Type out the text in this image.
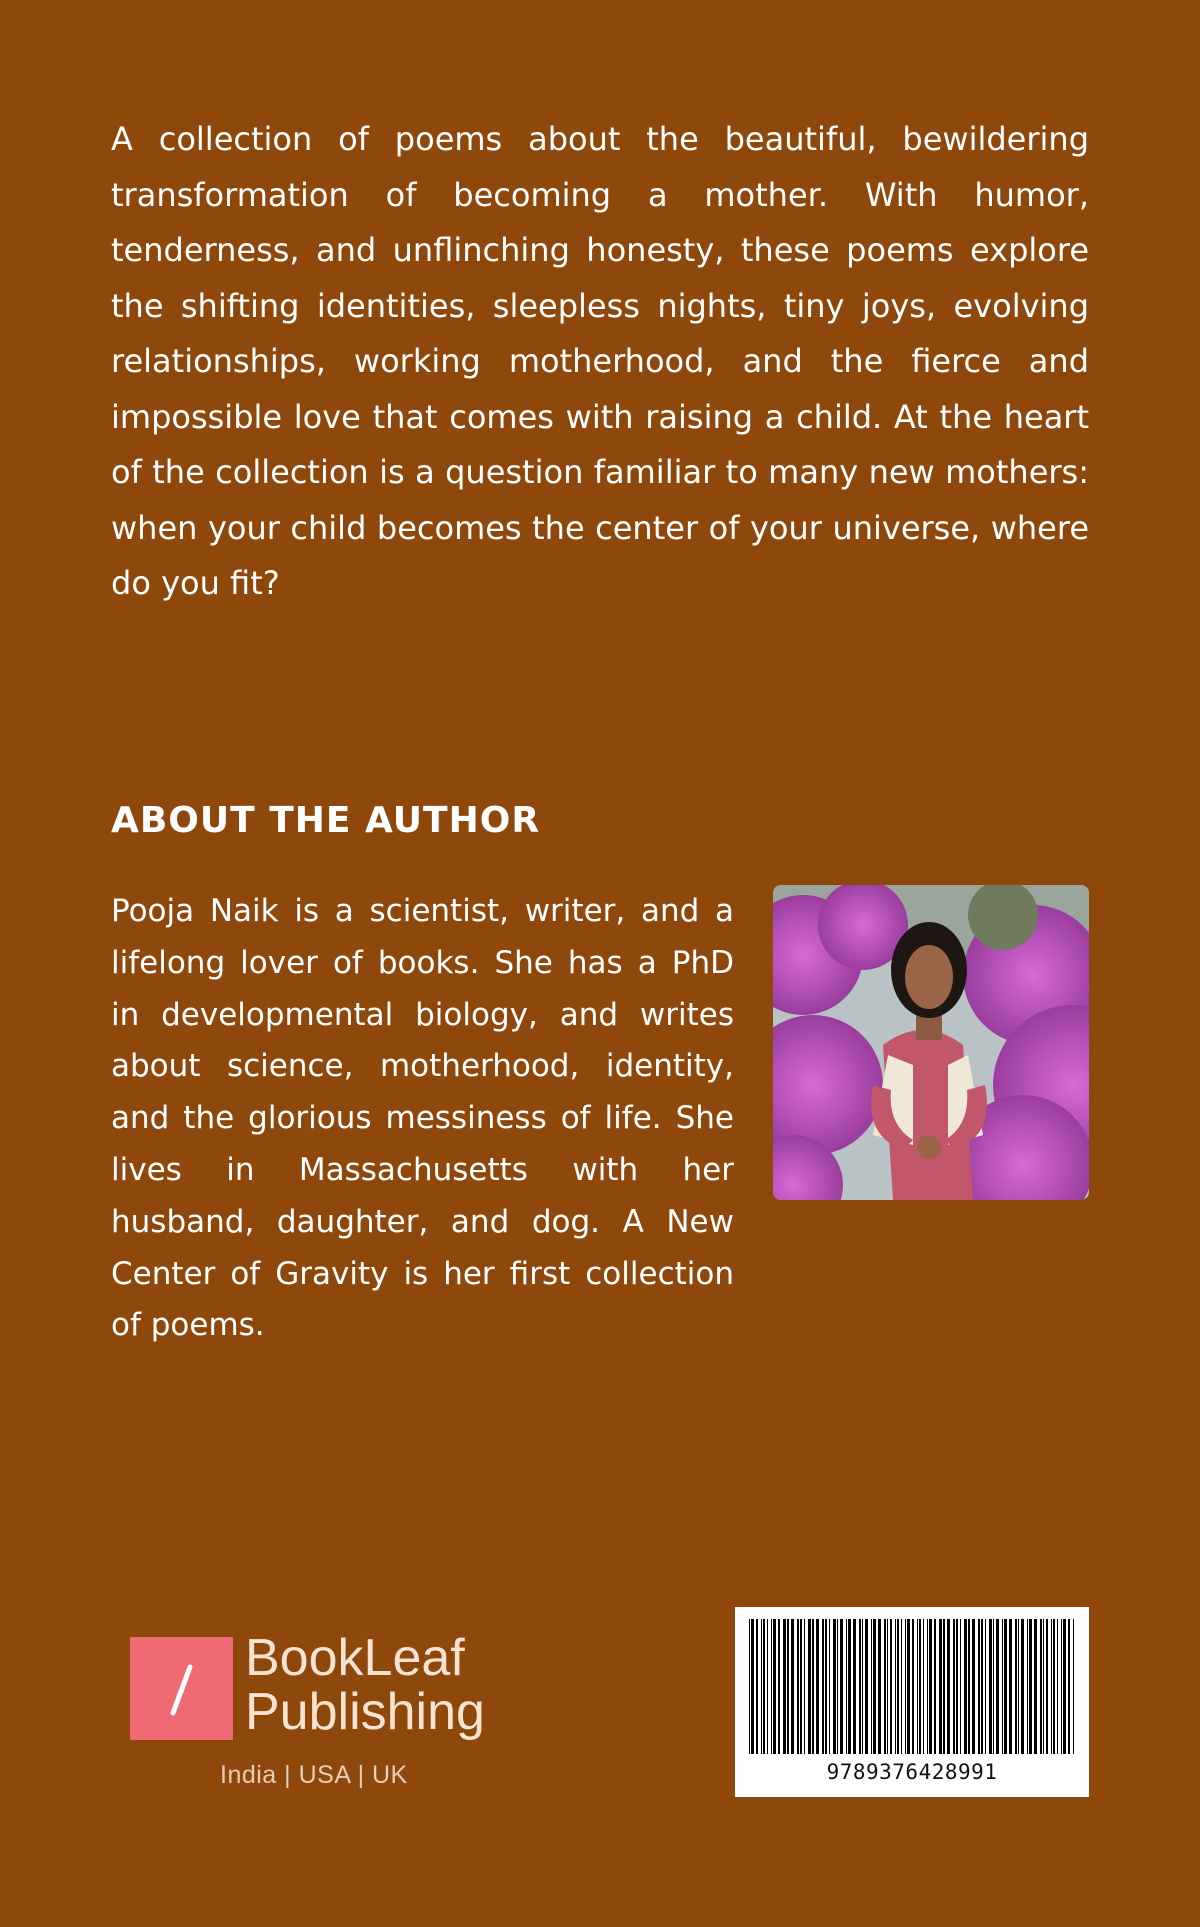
A collection of poems about the beautiful, bewildering transformation of becoming a mother. With humor, tenderness, and unflinching honesty, these poems explore the shifting identities, sleepless nights, tiny joys, evolving relationships, working motherhood, and the fierce and impossible love that comes with raising a child. At the heart of the collection is a question familiar to many new mothers: when your child becomes the center of your universe, where do you fit?

ABOUT THE AUTHOR

Pooja Naik is a scientist, writer, and a lifelong lover of books. She has a PhD in developmental biology, and writes about science, motherhood, identity, and the glorious messiness of life. She lives in Massachusetts with her husband, daughter, and dog. A New Center of Gravity is her first collection of poems.

BookLeaf
Publishing
India | USA | UK	9789376428991
